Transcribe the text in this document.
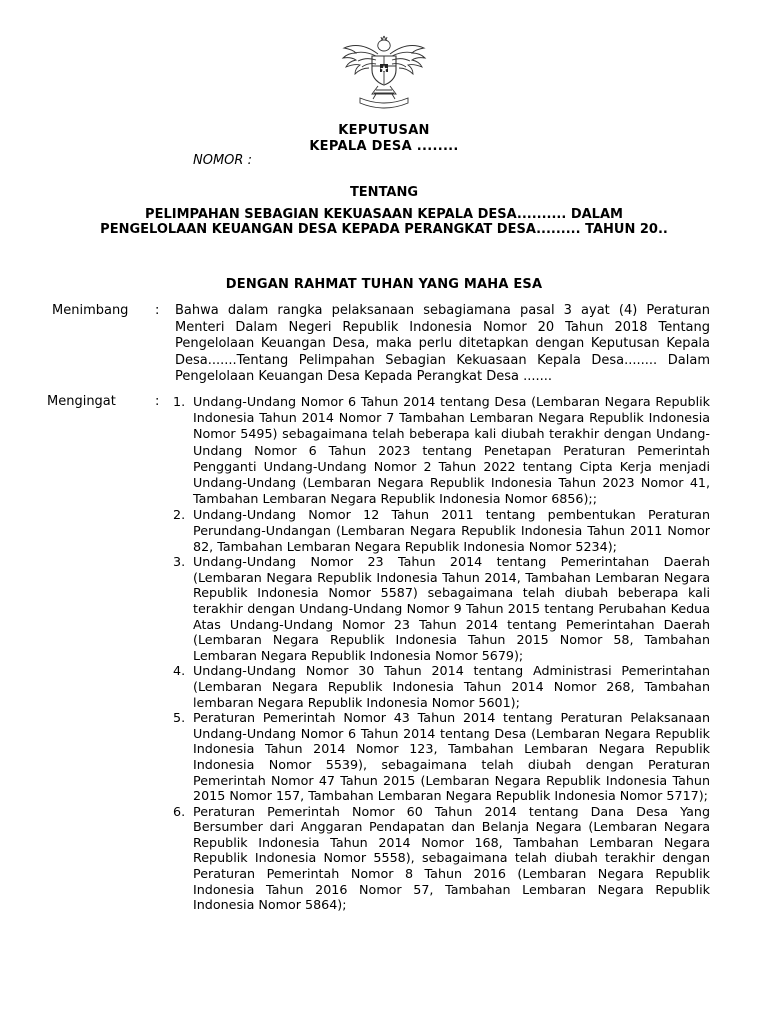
KEPUTUSAN
KEPALA DESA ........
NOMOR :
TENTANG
PELIMPAHAN SEBAGIAN KEKUASAAN KEPALA DESA.......... DALAM PENGELOLAAN KEUANGAN DESA KEPADA PERANGKAT DESA......... TAHUN 20..
DENGAN RAHMAT TUHAN YANG MAHA ESA
Menimbang : Bahwa dalam rangka pelaksanaan sebagiamana pasal 3 ayat (4) Peraturan Menteri Dalam Negeri Republik Indonesia Nomor 20 Tahun 2018 Tentang Pengelolaan Keuangan Desa, maka perlu ditetapkan dengan Keputusan Kepala Desa.......Tentang Pelimpahan Sebagian Kekuasaan Kepala Desa........ Dalam Pengelolaan Keuangan Desa Kepada Perangkat Desa .......
Mengingat	: 1. Undang-Undang Nomor 6 Tahun 2014 tentang Desa (Lembaran Negara Republik Indonesia Tahun 2014 Nomor 7 Tambahan Lembaran Negara Republik Indonesia Nomor 5495) sebagaimana telah beberapa kali diubah terakhir dengan Undang-Undang Nomor 6 Tahun 2023 tentang Penetapan Peraturan Pemerintah Pengganti Undang-Undang Nomor 2 Tahun 2022 tentang Cipta Kerja menjadi Undang-Undang (Lembaran Negara Republik Indonesia Tahun 2023 Nomor 41, Tambahan Lembaran Negara Republik Indonesia Nomor 6856);;
2. Undang-Undang Nomor 12 Tahun 2011 tentang pembentukan Peraturan Perundang-Undangan (Lembaran Negara Republik Indonesia Tahun 2011 Nomor 82, Tambahan Lembaran Negara Republik Indonesia Nomor 5234);
3. Undang-Undang Nomor 23 Tahun 2014 tentang Pemerintahan Daerah (Lembaran Negara Republik Indonesia Tahun 2014, Tambahan Lembaran Negara Republik Indonesia Nomor 5587) sebagaimana telah diubah beberapa kali terakhir dengan Undang-Undang Nomor 9 Tahun 2015 tentang Perubahan Kedua Atas Undang-Undang Nomor 23 Tahun 2014 tentang Pemerintahan Daerah (Lembaran Negara Republik Indonesia Tahun 2015 Nomor 58, Tambahan Lembaran Negara Republik Indonesia Nomor 5679);
4. Undang-Undang Nomor 30 Tahun 2014 tentang Administrasi Pemerintahan (Lembaran Negara Republik Indonesia Tahun 2014 Nomor 268, Tambahan lembaran Negara Republik Indonesia Nomor 5601);
5. Peraturan Pemerintah Nomor 43 Tahun 2014 tentang Peraturan Pelaksanaan Undang-Undang Nomor 6 Tahun 2014 tentang Desa (Lembaran Negara Republik Indonesia Tahun 2014 Nomor 123, Tambahan Lembaran Negara Republik Indonesia Nomor 5539), sebagaimana telah diubah dengan Peraturan Pemerintah Nomor 47 Tahun 2015 (Lembaran Negara Republik Indonesia Tahun 2015 Nomor 157, Tambahan Lembaran Negara Republik Indonesia Nomor 5717);
6. Peraturan Pemerintah Nomor 60 Tahun 2014 tentang Dana Desa Yang Bersumber dari Anggaran Pendapatan dan Belanja Negara (Lembaran Negara Republik Indonesia Tahun 2014 Nomor 168, Tambahan Lembaran Negara Republik Indonesia Nomor 5558), sebagaimana telah diubah terakhir dengan Peraturan Pemerintah Nomor 8 Tahun 2016 (Lembaran Negara Republik Indonesia Tahun 2016 Nomor 57, Tambahan Lembaran Negara Republik Indonesia Nomor 5864);
